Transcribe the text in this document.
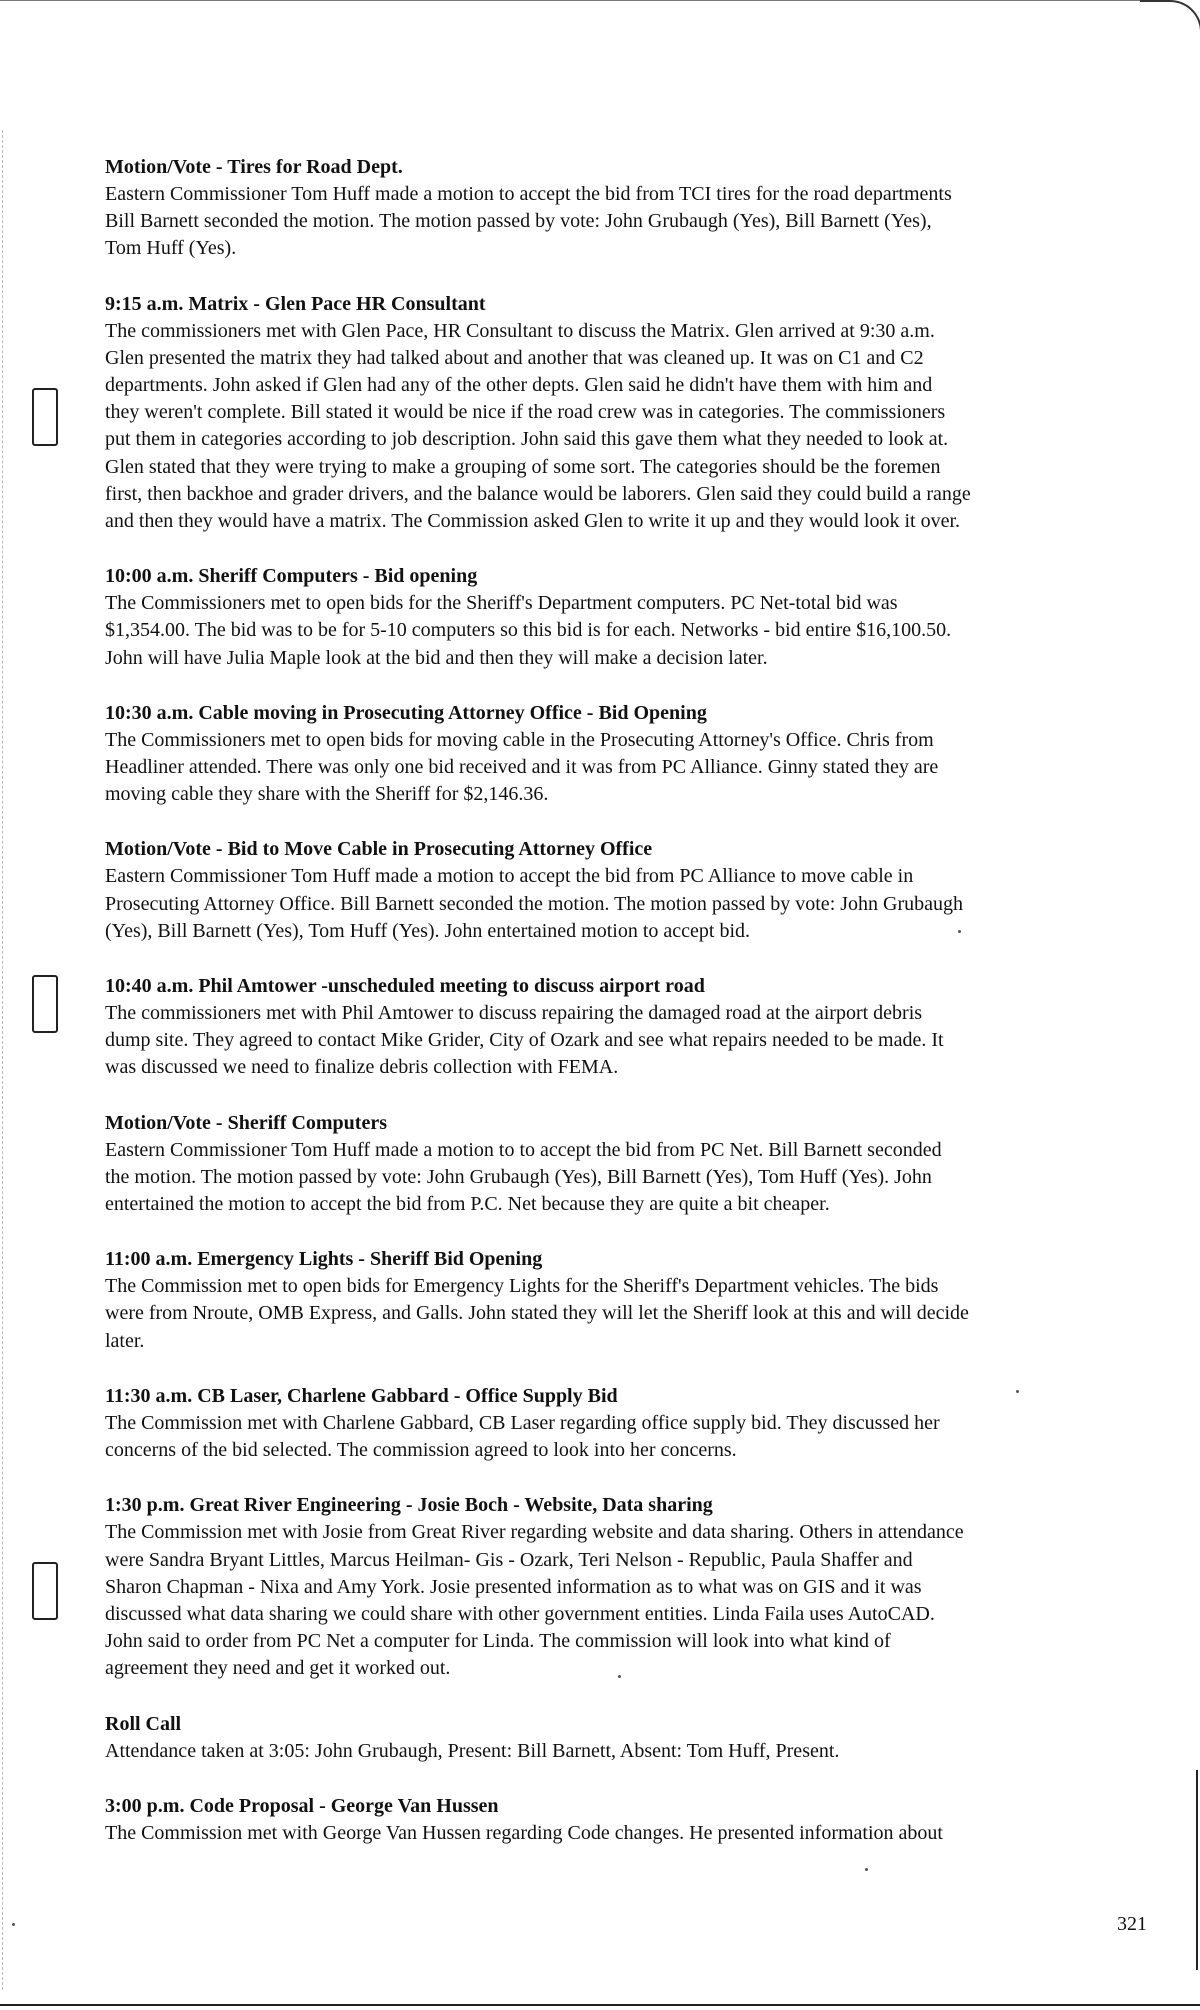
Motion/Vote - Tires for Road Dept.

Eastern Commissioner Tom Huff made a motion to accept the bid from TCI tires for the road departments
Bill Barnett seconded the motion. The motion passed by vote: John Grubaugh (Yes), Bill Barnett (Yes),
Tom Huff (Yes).

9:15 a.m. Matrix - Glen Pace HR Consultant

The commissioners met with Glen Pace, HR Consultant to discuss the Matrix. Glen arrived at 9:30 a.m.
Glen presented the matrix they had talked about and another that was cleaned up. It was on C1 and C2
departments. John asked if Glen had any of the other depts. Glen said he didn't have them with him and
they weren't complete. Bill stated it would be nice if the road crew was in categories. The commissioners
put them in categories according to job description. John said this gave them what they needed to look at.
Glen stated that they were trying to make a grouping of some sort. The categories should be the foremen
first, then backhoe and grader drivers, and the balance would be laborers. Glen said they could build a range
and then they would have a matrix. The Commission asked Glen to write it up and they would look it over.

10:00 a.m. Sheriff Computers - Bid opening

The Commissioners met to open bids for the Sheriff's Department computers. PC Net-total bid was
$1,354.00. The bid was to be for 5-10 computers so this bid is for each. Networks - bid entire $16,100.50.
John will have Julia Maple look at the bid and then they will make a decision later.

10:30 a.m. Cable moving in Prosecuting Attorney Office - Bid Opening

The Commissioners met to open bids for moving cable in the Prosecuting Attorney's Office. Chris from
Headliner attended. There was only one bid received and it was from PC Alliance. Ginny stated they are
moving cable they share with the Sheriff for $2,146.36.

Motion/Vote - Bid to Move Cable in Prosecuting Attorney Office

Eastern Commissioner Tom Huff made a motion to accept the bid from PC Alliance to move cable in
Prosecuting Attorney Office. Bill Barnett seconded the motion. The motion passed by vote: John Grubaugh
(Yes), Bill Barnett (Yes), Tom Huff (Yes). John entertained motion to accept bid.

10:40 a.m. Phil Amtower -unscheduled meeting to discuss airport road

The commissioners met with Phil Amtower to discuss repairing the damaged road at the airport debris
dump site. They agreed to contact Mike Grider, City of Ozark and see what repairs needed to be made. It
was discussed we need to finalize debris collection with FEMA.

Motion/Vote - Sheriff Computers

Eastern Commissioner Tom Huff made a motion to to accept the bid from PC Net. Bill Barnett seconded
the motion. The motion passed by vote: John Grubaugh (Yes), Bill Barnett (Yes), Tom Huff (Yes). John
entertained the motion to accept the bid from P.C. Net because they are quite a bit cheaper.

11:00 a.m. Emergency Lights - Sheriff Bid Opening

The Commission met to open bids for Emergency Lights for the Sheriff's Department vehicles. The bids
were from Nroute, OMB Express, and Galls. John stated they will let the Sheriff look at this and will decide
later.

11:30 a.m. CB Laser, Charlene Gabbard - Office Supply Bid

The Commission met with Charlene Gabbard, CB Laser regarding office supply bid. They discussed her
concerns of the bid selected. The commission agreed to look into her concerns.

1:30 p.m. Great River Engineering - Josie Boch - Website, Data sharing

The Commission met with Josie from Great River regarding website and data sharing. Others in attendance
were Sandra Bryant Littles, Marcus Heilman- Gis - Ozark, Teri Nelson - Republic, Paula Shaffer and
Sharon Chapman - Nixa and Amy York. Josie presented information as to what was on GIS and it was
discussed what data sharing we could share with other government entities. Linda Faila uses AutoCAD.
John said to order from PC Net a computer for Linda. The commission will look into what kind of
agreement they need and get it worked out.

Roll Call

Attendance taken at 3:05: John Grubaugh, Present: Bill Barnett, Absent: Tom Huff, Present.

3:00 p.m. Code Proposal - George Van Hussen

The Commission met with George Van Hussen regarding Code changes. He presented information about

321
